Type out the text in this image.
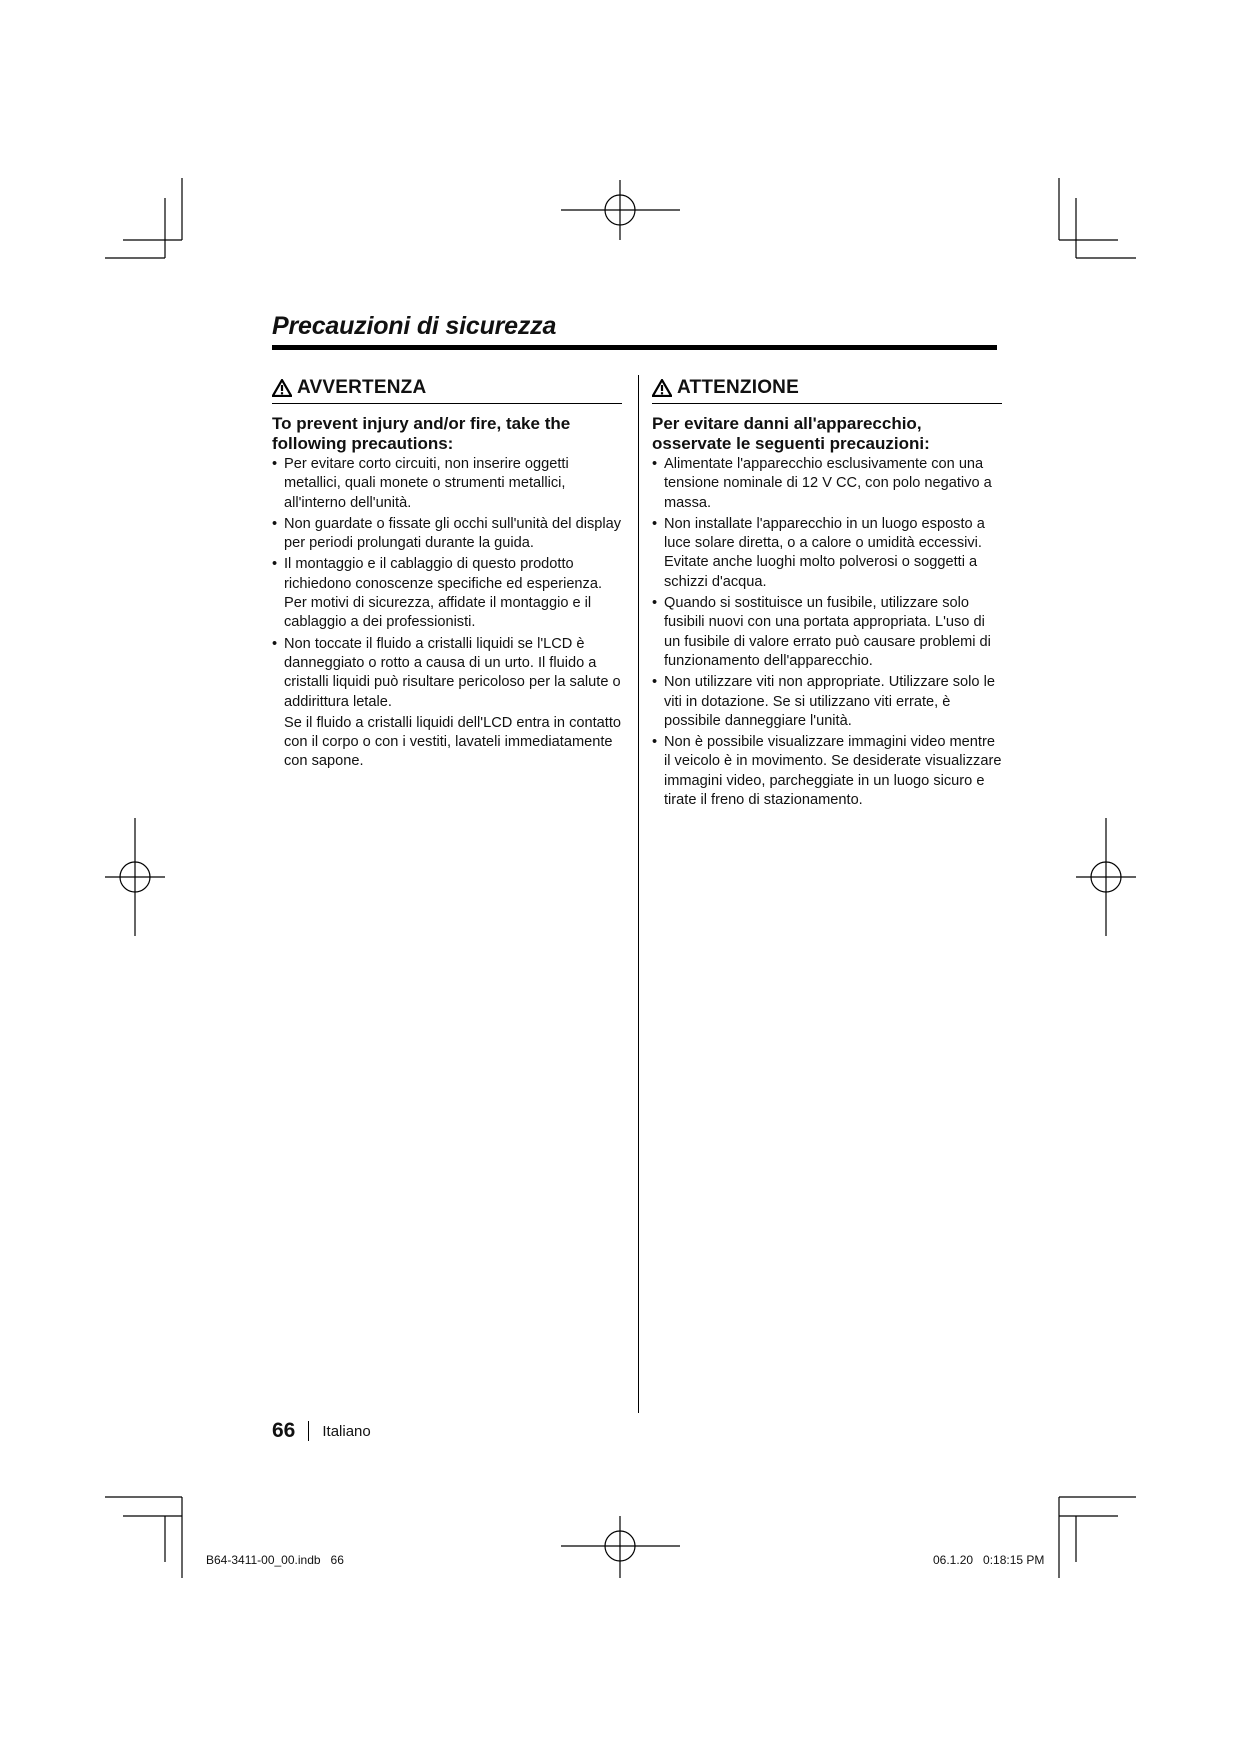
Precauzioni di sicurezza
AVVERTENZA
To prevent injury and/or fire, take the following precautions:
• Per evitare corto circuiti, non inserire oggetti metallici, quali monete o strumenti metallici, all'interno dell'unità.
• Non guardate o fissate gli occhi sull'unità del display per periodi prolungati durante la guida.
• Il montaggio e il cablaggio di questo prodotto richiedono conoscenze specifiche ed esperienza. Per motivi di sicurezza, affidate il montaggio e il cablaggio a dei professionisti.
• Non toccate il fluido a cristalli liquidi se l'LCD è danneggiato o rotto a causa di un urto. Il fluido a cristalli liquidi può risultare pericoloso per la salute o addirittura letale.
Se il fluido a cristalli liquidi dell'LCD entra in contatto con il corpo o con i vestiti, lavateli immediatamente con sapone.
ATTENZIONE
Per evitare danni all'apparecchio, osservate le seguenti precauzioni:
• Alimentate l'apparecchio esclusivamente con una tensione nominale di 12 V CC, con polo negativo a massa.
• Non installate l'apparecchio in un luogo esposto a luce solare diretta, o a calore o umidità eccessivi. Evitate anche luoghi molto polverosi o soggetti a schizzi d'acqua.
• Quando si sostituisce un fusibile, utilizzare solo fusibili nuovi con una portata appropriata. L'uso di un fusibile di valore errato può causare problemi di funzionamento dell'apparecchio.
• Non utilizzare viti non appropriate. Utilizzare solo le viti in dotazione. Se si utilizzano viti errate, è possibile danneggiare l'unità.
• Non è possibile visualizzare immagini video mentre il veicolo è in movimento. Se desiderate visualizzare immagini video, parcheggiate in un luogo sicuro e tirate il freno di stazionamento.
66 Italiano
B64-3411-00_00.indb   66	06.1.20   0:18:15 PM
